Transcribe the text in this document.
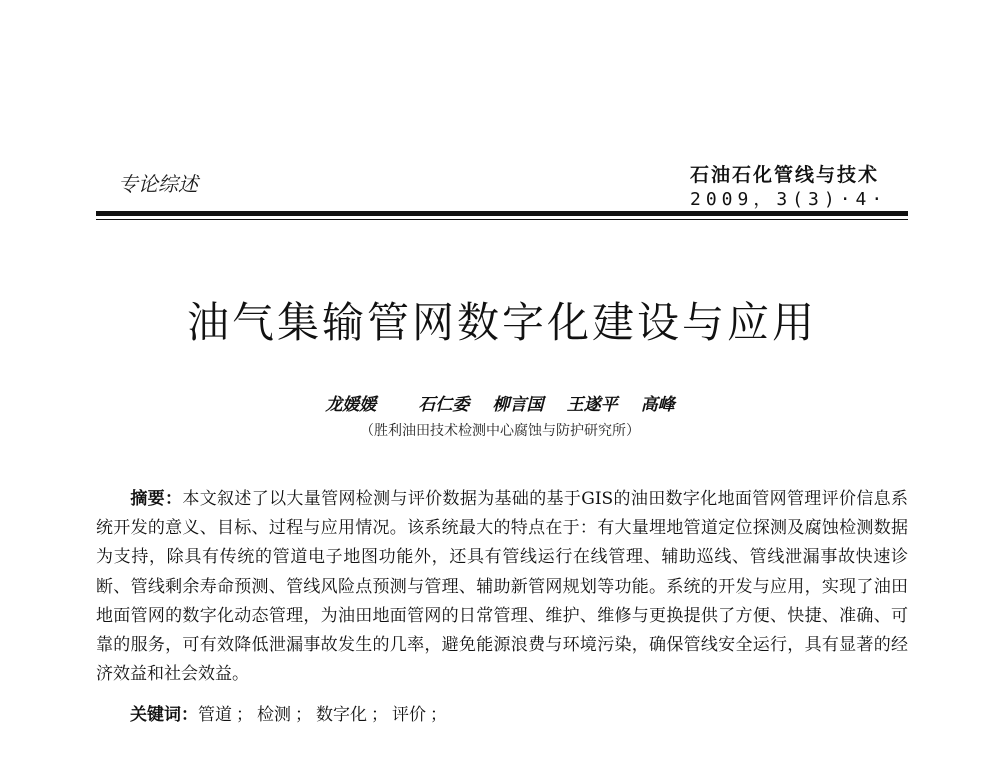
专论综述	石油石化管线与技术
2009，3(3)·4·
油气集输管网数字化建设与应用
龙媛媛 石仁委 柳言国 王遂平 高峰
（胜利油田技术检测中心腐蚀与防护研究所）
摘要：本文叙述了以大量管网检测与评价数据为基础的基于GIS的油田数字化地面管网管理评价信息系统开发的意义、目标、过程与应用情况。该系统最大的特点在于：有大量埋地管道定位探测及腐蚀检测数据为支持，除具有传统的管道电子地图功能外，还具有管线运行在线管理、辅助巡线、管线泄漏事故快速诊断、管线剩余寿命预测、管线风险点预测与管理、辅助新管网规划等功能。系统的开发与应用，实现了油田地面管网的数字化动态管理，为油田地面管网的日常管理、维护、维修与更换提供了方便、快捷、准确、可靠的服务，可有效降低泄漏事故发生的几率，避免能源浪费与环境污染，确保管线安全运行，具有显著的经济效益和社会效益。
关键词：管道 ； 检测 ； 数字化 ； 评价 ；
